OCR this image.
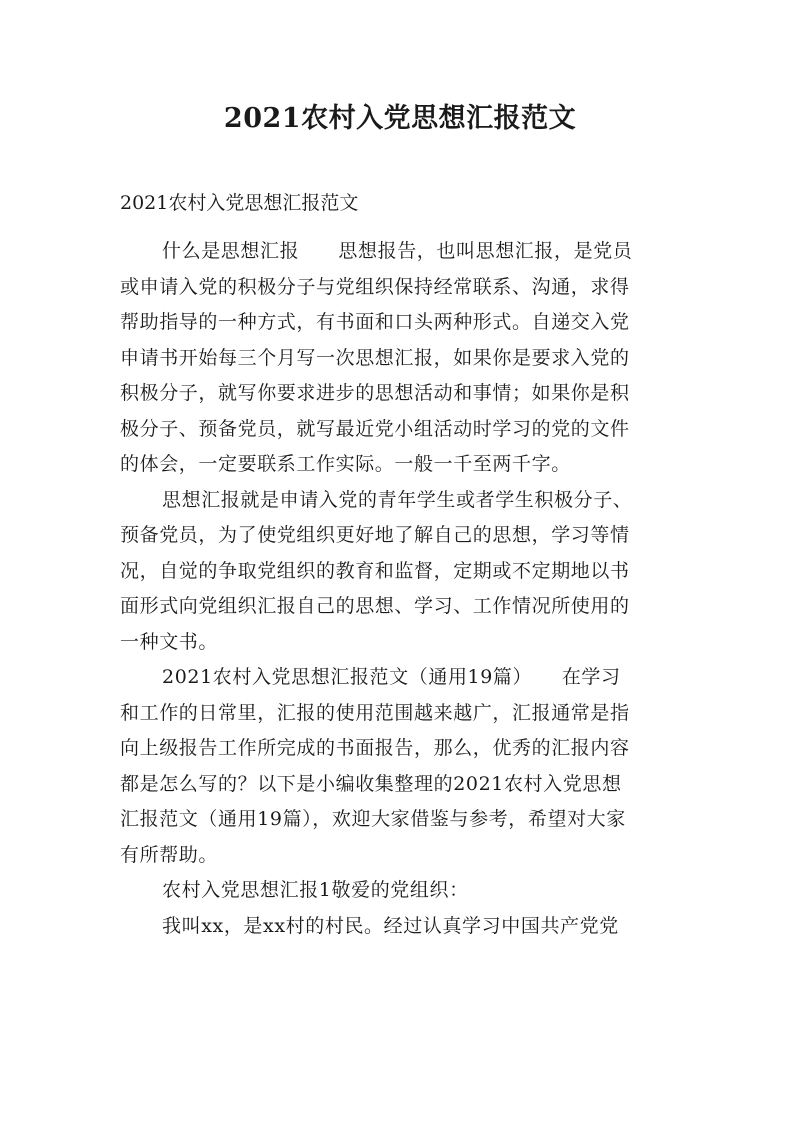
2021农村入党思想汇报范文

2021农村入党思想汇报范文

什么是思想汇报　　思想报告，也叫思想汇报，是党员
或申请入党的积极分子与党组织保持经常联系、沟通，求得
帮助指导的一种方式，有书面和口头两种形式。自递交入党
申请书开始每三个月写一次思想汇报，如果你是要求入党的
积极分子，就写你要求进步的思想活动和事情；如果你是积
极分子、预备党员，就写最近党小组活动时学习的党的文件
的体会，一定要联系工作实际。一般一千至两千字。
思想汇报就是申请入党的青年学生或者学生积极分子、
预备党员，为了使党组织更好地了解自己的思想，学习等情
况，自觉的争取党组织的教育和监督，定期或不定期地以书
面形式向党组织汇报自己的思想、学习、工作情况所使用的
一种文书。
2021农村入党思想汇报范文（通用19篇）　　在学习
和工作的日常里，汇报的使用范围越来越广，汇报通常是指
向上级报告工作所完成的书面报告，那么，优秀的汇报内容
都是怎么写的？以下是小编收集整理的2021农村入党思想
汇报范文（通用19篇），欢迎大家借鉴与参考，希望对大家
有所帮助。
农村入党思想汇报1敬爱的党组织：
我叫xx，是xx村的村民。经过认真学习中国共产党党
